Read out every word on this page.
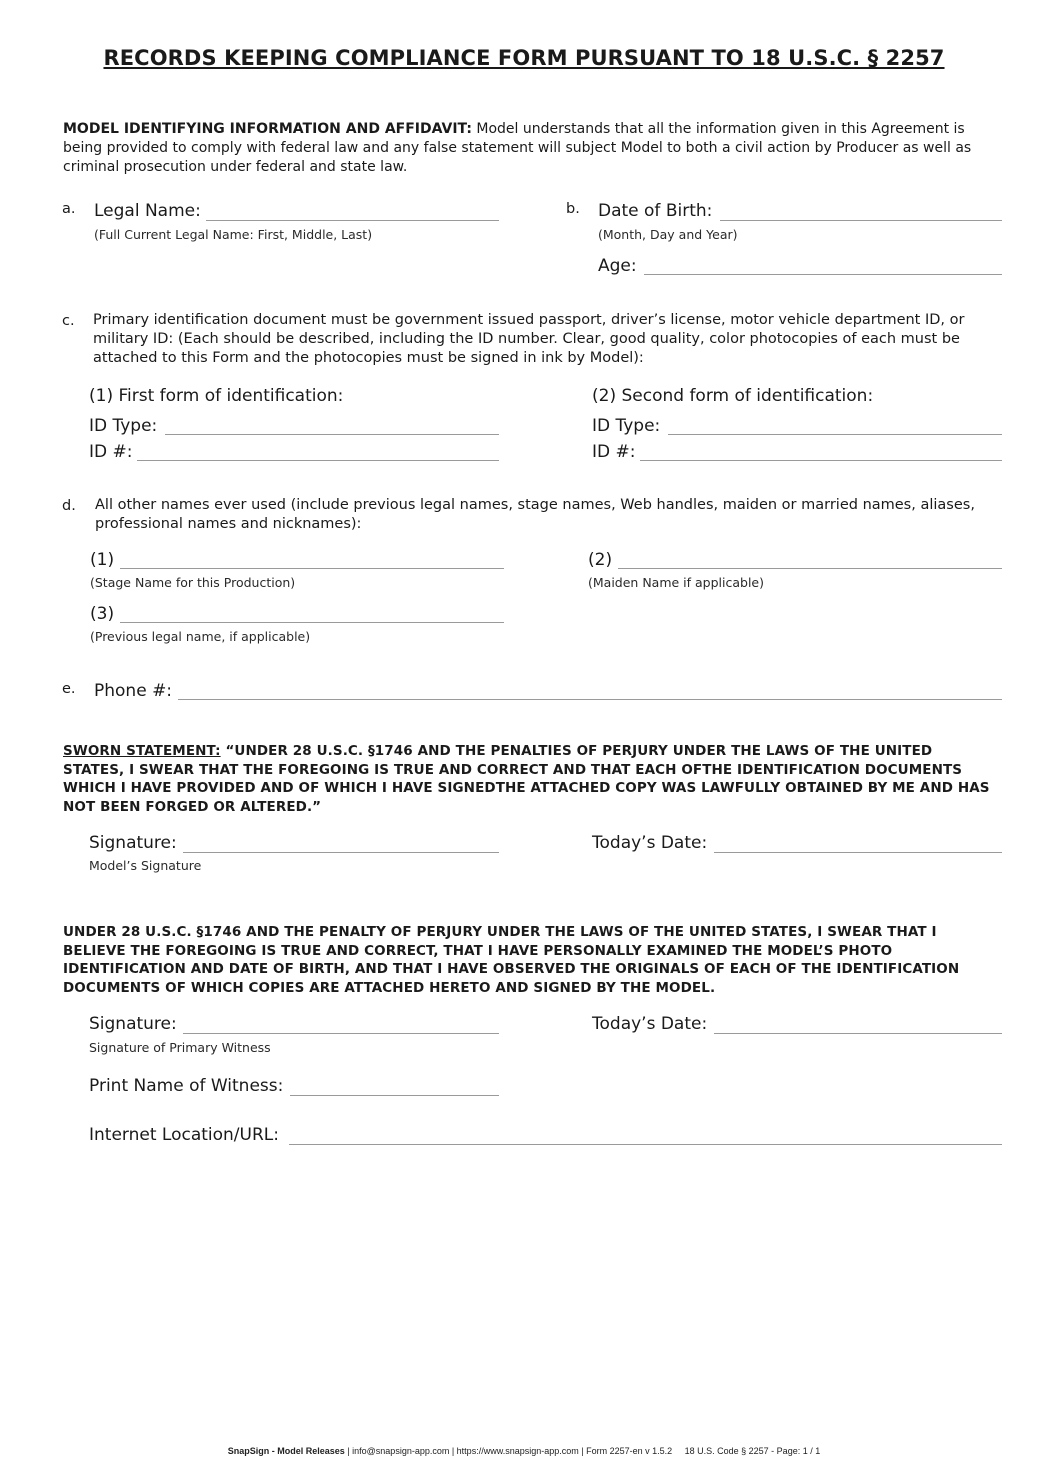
RECORDS KEEPING COMPLIANCE FORM PURSUANT TO 18 U.S.C. § 2257
MODEL IDENTIFYING INFORMATION AND AFFIDAVIT: Model understands that all the information given in this Agreement is being provided to comply with federal law and any false statement will subject Model to both a civil action by Producer as well as criminal prosecution under federal and state law.
a. Legal Name:
(Full Current Legal Name: First, Middle, Last)
b. Date of Birth:
(Month, Day and Year)
Age:
c. Primary identification document must be government issued passport, driver’s license, motor vehicle department ID, or military ID: (Each should be described, including the ID number. Clear, good quality, color photocopies of each must be attached to this Form and the photocopies must be signed in ink by Model):
(1) First form of identification:
ID Type:
ID #:
(2) Second form of identification:
ID Type:
ID #:
d. All other names ever used (include previous legal names, stage names, Web handles, maiden or married names, aliases, professional names and nicknames):
(1)
(Stage Name for this Production)
(2)
(Maiden Name if applicable)
(3)
(Previous legal name, if applicable)
e. Phone #:
SWORN STATEMENT: “UNDER 28 U.S.C. §1746 AND THE PENALTIES OF PERJURY UNDER THE LAWS OF THE UNITED STATES, I SWEAR THAT THE FOREGOING IS TRUE AND CORRECT AND THAT EACH OFTHE IDENTIFICATION DOCUMENTS WHICH I HAVE PROVIDED AND OF WHICH I HAVE SIGNEDTHE ATTACHED COPY WAS LAWFULLY OBTAINED BY ME AND HAS NOT BEEN FORGED OR ALTERED.”
Signature:
Model’s Signature
Today’s Date:
UNDER 28 U.S.C. §1746 AND THE PENALTY OF PERJURY UNDER THE LAWS OF THE UNITED STATES, I SWEAR THAT I BELIEVE THE FOREGOING IS TRUE AND CORRECT, THAT I HAVE PERSONALLY EXAMINED THE MODEL’S PHOTO IDENTIFICATION AND DATE OF BIRTH, AND THAT I HAVE OBSERVED THE ORIGINALS OF EACH OF THE IDENTIFICATION DOCUMENTS OF WHICH COPIES ARE ATTACHED HERETO AND SIGNED BY THE MODEL.
Signature:
Signature of Primary Witness
Today’s Date:
Print Name of Witness:
Internet Location/URL:
SnapSign - Model Releases | info@snapsign-app.com | https://www.snapsign-app.com | Form 2257-en v 1.5.2     18 U.S. Code § 2257 - Page: 1 / 1
